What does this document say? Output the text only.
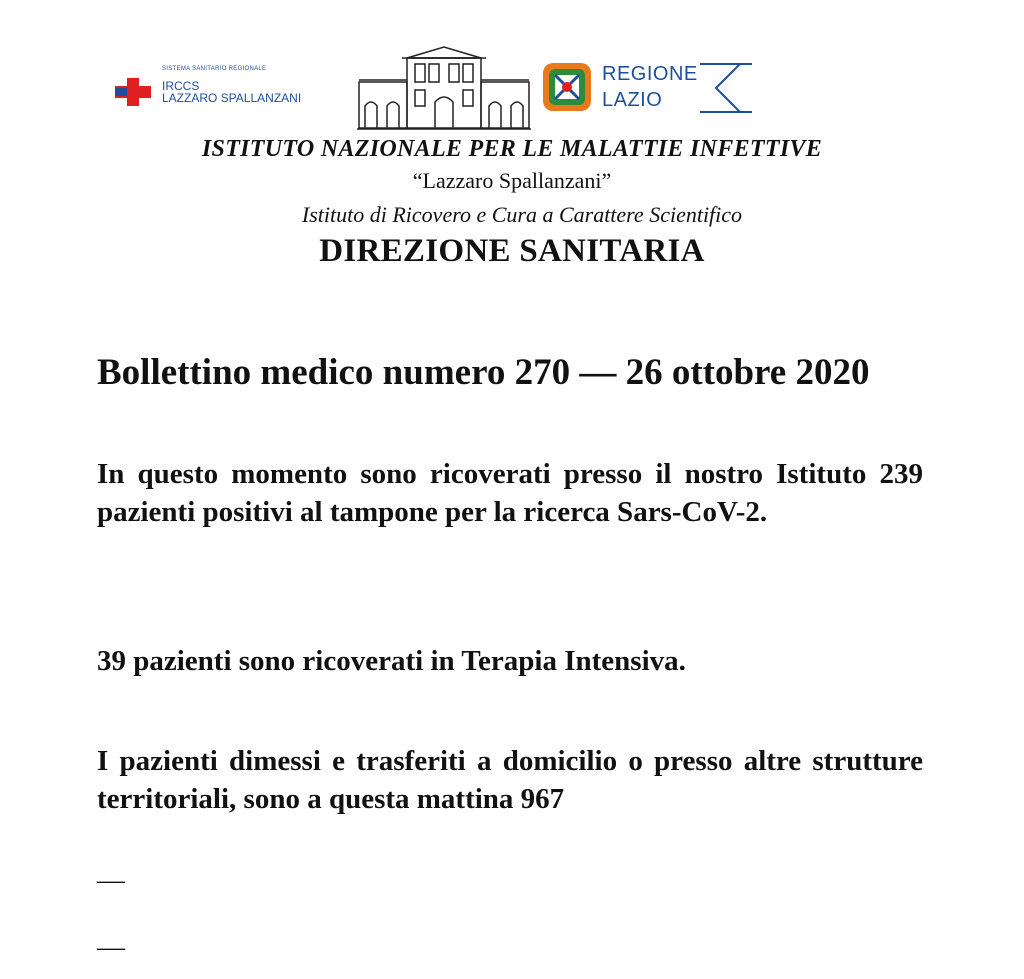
SISTEMA SANITARIO REGIONALE
IRCCS
LAZZARO SPALLANZANI
REGIONE
LAZIO
ISTITUTO NAZIONALE PER LE MALATTIE INFETTIVE
“Lazzaro Spallanzani”
Istituto di Ricovero e Cura a Carattere Scientifico
DIREZIONE SANITARIA
Bollettino medico numero 270 — 26 ottobre 2020
In questo momento sono ricoverati presso il nostro Istituto 239 pazienti positivi al tampone per la ricerca Sars-CoV-2.
39 pazienti sono ricoverati in Terapia Intensiva.
I pazienti dimessi e trasferiti a domicilio o presso altre strutture territoriali, sono a questa mattina 967
—
—
